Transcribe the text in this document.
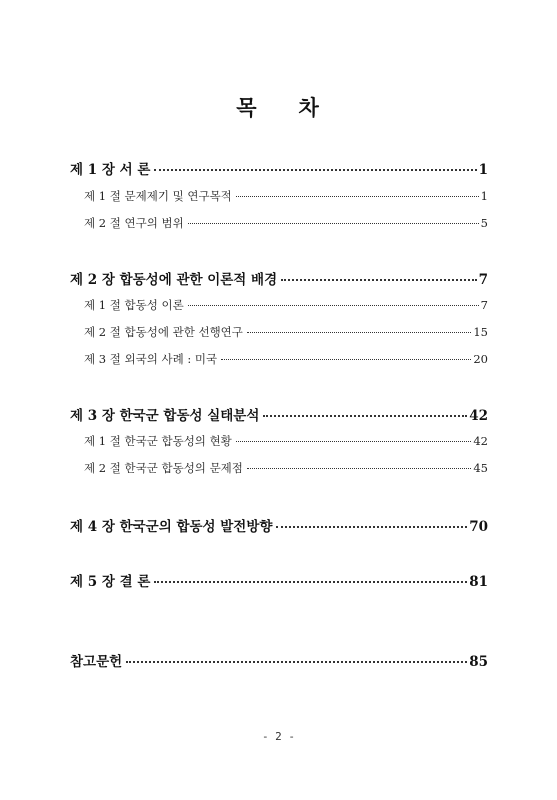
목 차
제 1 장 서 론	1
제 1 절 문제제기 및 연구목적	1
제 2 절 연구의 범위	5
제 2 장 합동성에 관한 이론적 배경	7
제 1 절 합동성 이론	7
제 2 절 합동성에 관한 선행연구	15
제 3 절 외국의 사례 : 미국	20
제 3 장 한국군 합동성 실태분석	42
제 1 절 한국군 합동성의 현황	42
제 2 절 한국군 합동성의 문제점	45
제 4 장 한국군의 합동성 발전방향	70
제 5 장 결 론	81
참고문헌	85
- 2 -
